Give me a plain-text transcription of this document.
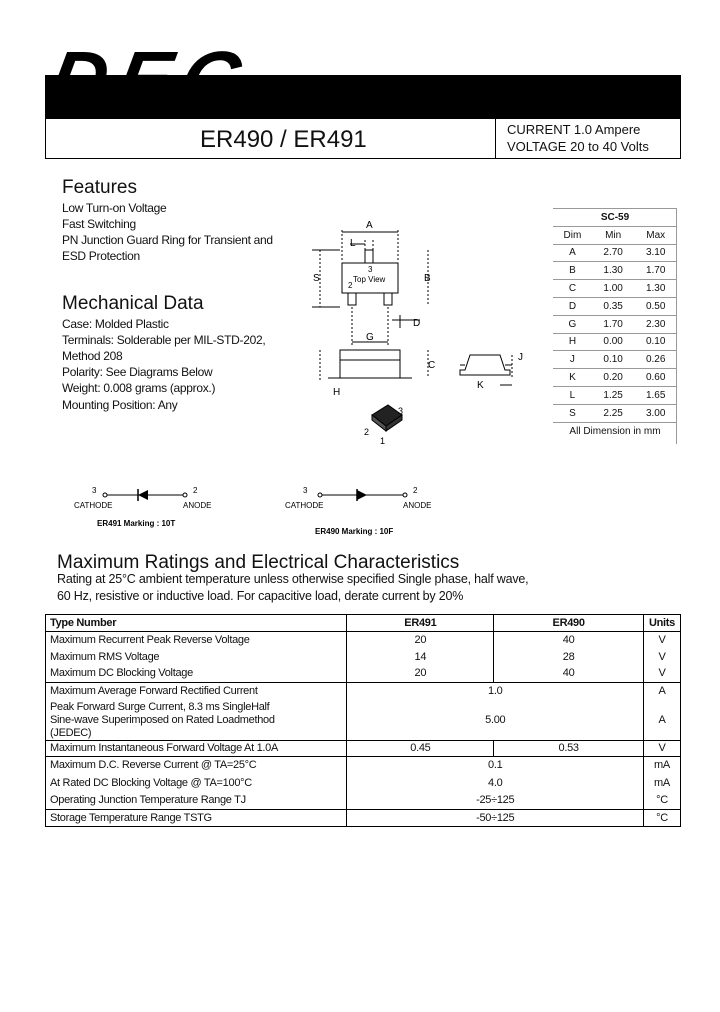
DEC
ER490 / ER491	CURRENT 1.0 Ampere
VOLTAGE 20 to 40 Volts
Features
Low Turn-on Voltage
Fast Switching
PN Junction Guard Ring for Transient and
ESD Protection
Mechanical Data
Case: Molded Plastic
Terminals: Solderable per MIL-STD-202,
Method 208
Polarity: See Diagrams Below
Weight: 0.008 grams (approx.)
Mounting Position: Any
A
L
S	B
G
D
C
H
J
K
Top View
3
2
3
2
1
SC-59		
Dim	Min	Max
A	2.70	3.10
B	1.30	1.70
C	1.00	1.30
D	0.35	0.50
G	1.70	2.30
H	0.00	0.10
J	0.10	0.26
K	0.20	0.60
L	1.25	1.65
S	2.25	3.00
All Dimension in mm		
3	2
CATHODE	ANODE
ER491 Marking : 10T
3	2
CATHODE	ANODE
ER490 Marking : 10F
Maximum Ratings and Electrical Characteristics
Rating at 25°C ambient temperature unless otherwise specified Single phase, half wave,
60 Hz, resistive or inductive load. For capacitive load, derate current by 20%
Type Number	ER491	ER490	Units
Maximum Recurrent Peak Reverse Voltage	20	40	V
Maximum RMS Voltage	14	28	V
Maximum DC Blocking Voltage	20	40	V
Maximum Average Forward Rectified Current	1.0		A

Peak Forward Surge Current, 8.3 ms SingleHalf
Sine-wave Superimposed on Rated Loadmethod
(JEDEC)	5.00		A
Maximum Instantaneous Forward Voltage At 1.0A	0.45	0.53	V
Maximum D.C. Reverse Current @ TA=25°C	0.1		mA
At Rated DC Blocking Voltage @ TA=100°C	4.0		mA
Operating Junction Temperature Range TJ	-25÷125		°C
Storage Temperature Range TSTG	-50÷125		°C
